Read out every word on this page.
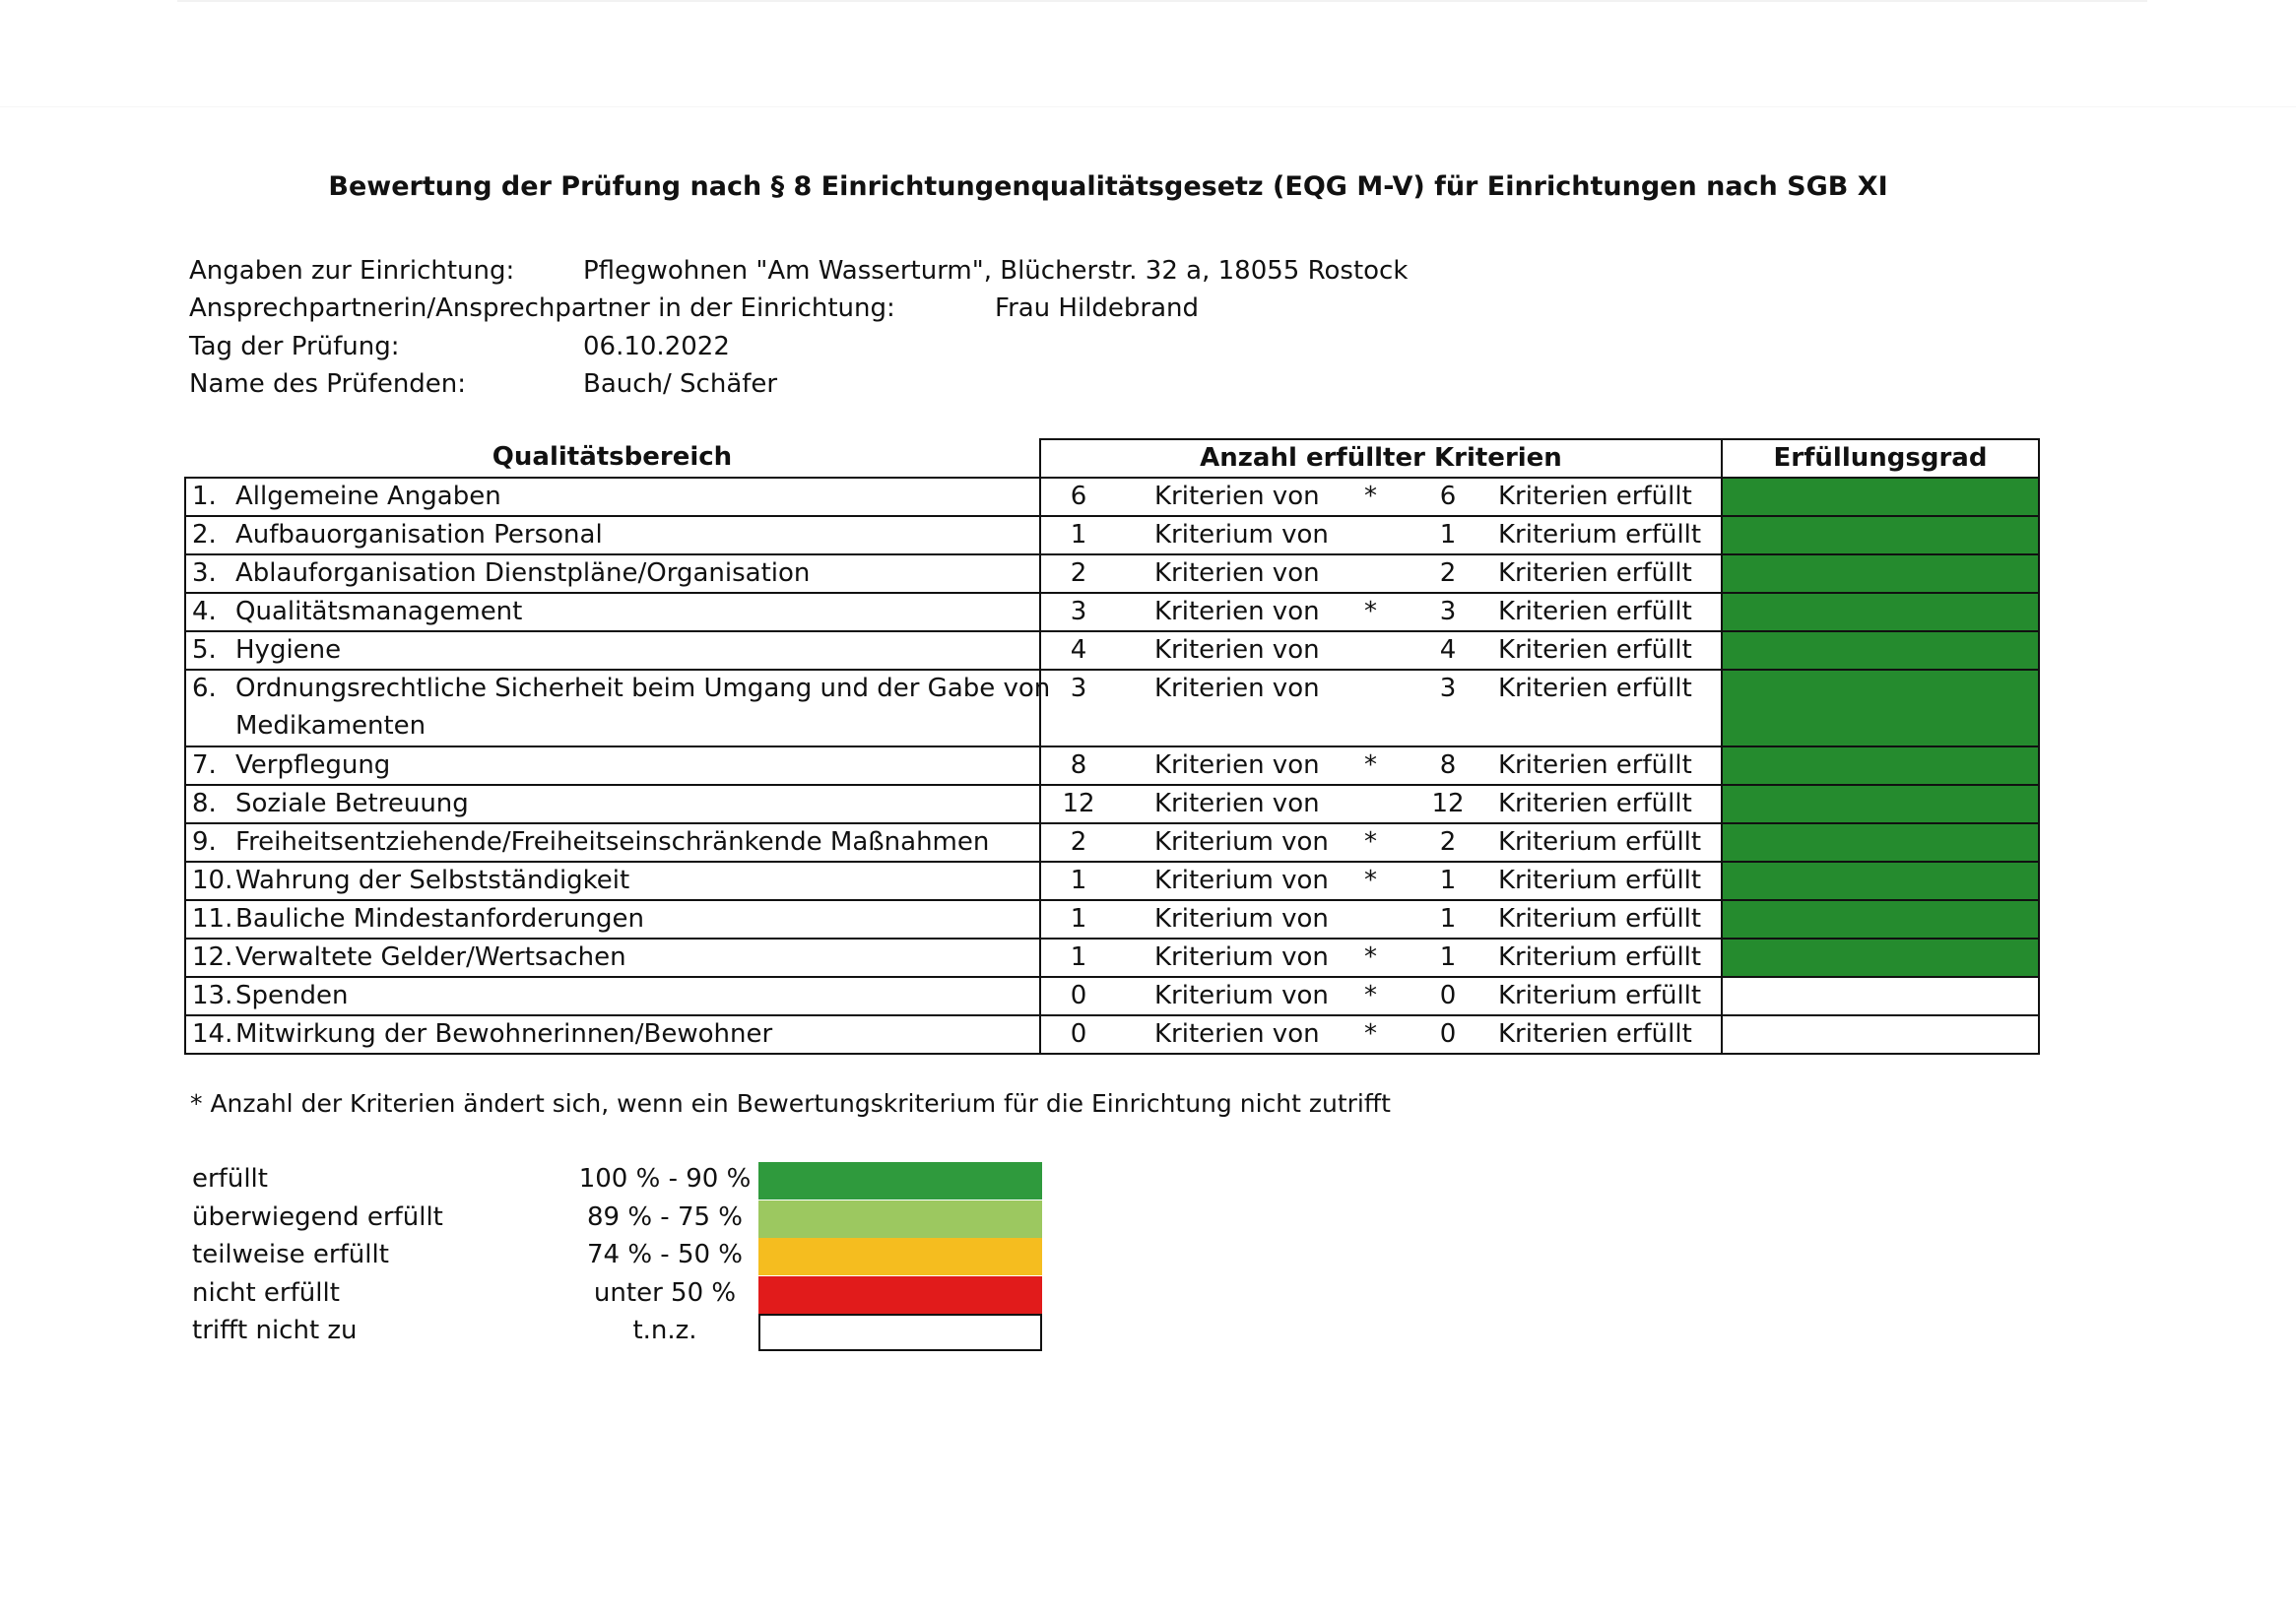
Bewertung der Prüfung nach § 8 Einrichtungenqualitätsgesetz (EQG M-V) für Einrichtungen nach SGB XI
Angaben zur Einrichtung:	Pflegwohnen "Am Wasserturm", Blücherstr. 32 a, 18055 Rostock
Ansprechpartnerin/Ansprechpartner in der Einrichtung:	Frau Hildebrand
Tag der Prüfung:	06.10.2022
Name des Prüfenden:	Bauch/ Schäfer
Qualitätsbereich	Anzahl erfüllter Kriterien	Erfüllungsgrad
1. Allgemeine Angaben	6 Kriterien von * 6 Kriterien erfüllt	

2. Aufbauorganisation Personal	1 Kriterium von 1 Kriterium erfüllt	

3. Ablauforganisation Dienstpläne/Organisation	2 Kriterien von 2 Kriterien erfüllt	

4. Qualitätsmanagement	3 Kriterien von * 3 Kriterien erfüllt	

5. Hygiene	4 Kriterien von 4 Kriterien erfüllt	

6. Ordnungsrechtliche Sicherheit beim Umgang und der Gabe von
Medikamenten	3 Kriterien von 3 Kriterien erfüllt	

7. Verpflegung	8 Kriterien von * 8 Kriterien erfüllt	

8. Soziale Betreuung	12 Kriterien von 12 Kriterien erfüllt	

9. Freiheitsentziehende/Freiheitseinschränkende Maßnahmen	2 Kriterium von * 2 Kriterium erfüllt	

10. Wahrung der Selbstständigkeit	1 Kriterium von * 1 Kriterium erfüllt	

11. Bauliche Mindestanforderungen	1 Kriterium von 1 Kriterium erfüllt	

12. Verwaltete Gelder/Wertsachen	1 Kriterium von * 1 Kriterium erfüllt	

13. Spenden	0 Kriterium von * 0 Kriterium erfüllt	

14. Mitwirkung der Bewohnerinnen/Bewohner	0 Kriterien von * 0 Kriterien erfüllt	

* Anzahl der Kriterien ändert sich, wenn ein Bewertungskriterium für die Einrichtung nicht zutrifft
erfüllt	100 % - 90 %
überwiegend erfüllt	89 % - 75 %
teilweise erfüllt	74 % - 50 %
nicht erfüllt	unter 50 %
trifft nicht zu	t.n.z.
